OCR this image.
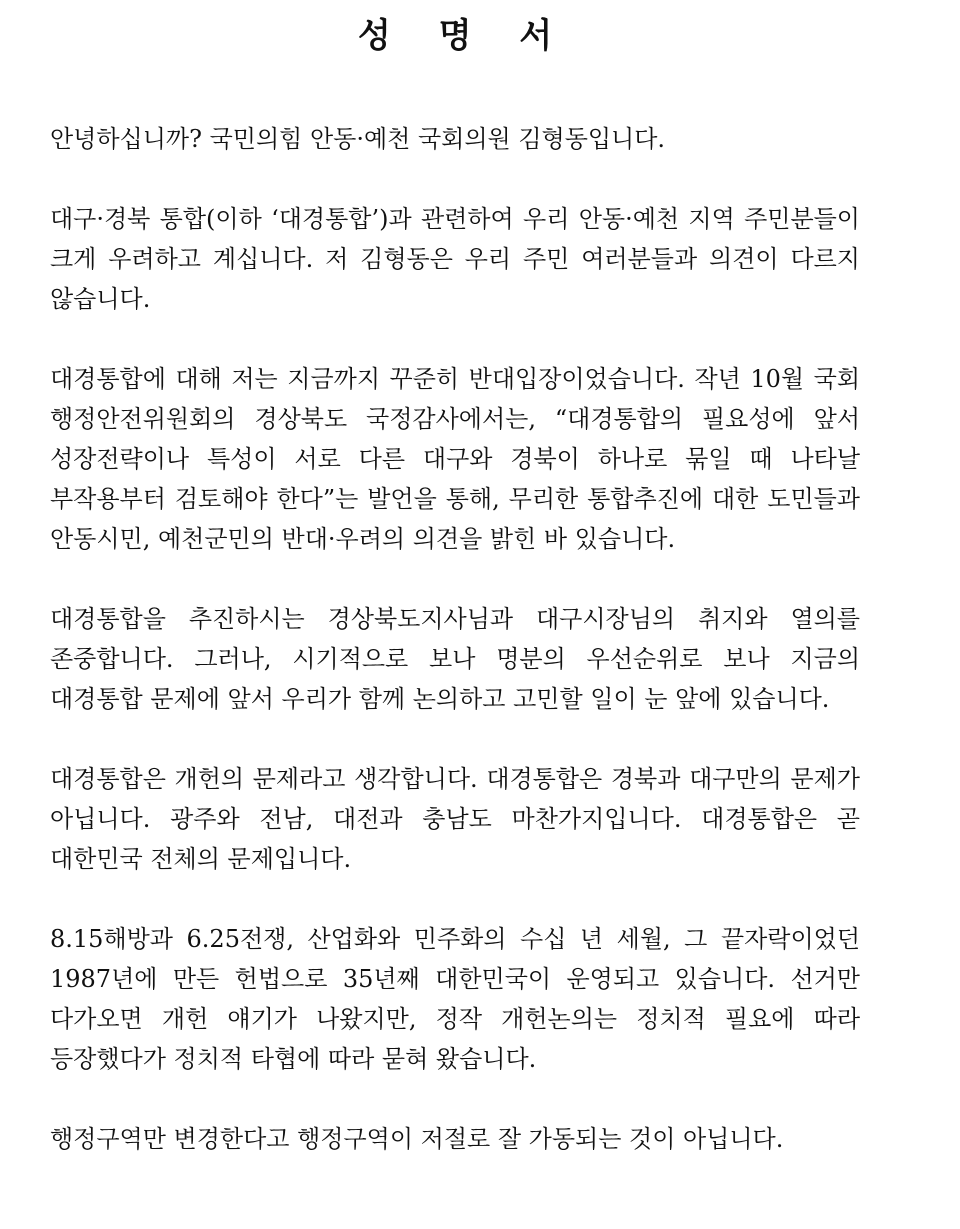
성 명 서

안녕하십니까? 국민의힘 안동·예천 국회의원 김형동입니다.

대구·경북 통합(이하 ‘대경통합’)과 관련하여 우리 안동·예천 지역 주민분들이 크게 우려하고 계십니다. 저 김형동은 우리 주민 여러분들과 의견이 다르지 않습니다.

대경통합에 대해 저는 지금까지 꾸준히 반대입장이었습니다. 작년 10월 국회 행정안전위원회의 경상북도 국정감사에서는, “대경통합의 필요성에 앞서 성장전략이나 특성이 서로 다른 대구와 경북이 하나로 묶일 때 나타날 부작용부터 검토해야 한다”는 발언을 통해, 무리한 통합추진에 대한 도민들과 안동시민, 예천군민의 반대·우려의 의견을 밝힌 바 있습니다.

대경통합을 추진하시는 경상북도지사님과 대구시장님의 취지와 열의를 존중합니다. 그러나, 시기적으로 보나 명분의 우선순위로 보나 지금의 대경통합 문제에 앞서 우리가 함께 논의하고 고민할 일이 눈 앞에 있습니다.

대경통합은 개헌의 문제라고 생각합니다. 대경통합은 경북과 대구만의 문제가 아닙니다. 광주와 전남, 대전과 충남도 마찬가지입니다. 대경통합은 곧 대한민국 전체의 문제입니다.

8.15해방과 6.25전쟁, 산업화와 민주화의 수십 년 세월, 그 끝자락이었던 1987년에 만든 헌법으로 35년째 대한민국이 운영되고 있습니다. 선거만 다가오면 개헌 얘기가 나왔지만, 정작 개헌논의는 정치적 필요에 따라 등장했다가 정치적 타협에 따라 묻혀 왔습니다.

행정구역만 변경한다고 행정구역이 저절로 잘 가동되는 것이 아닙니다.
